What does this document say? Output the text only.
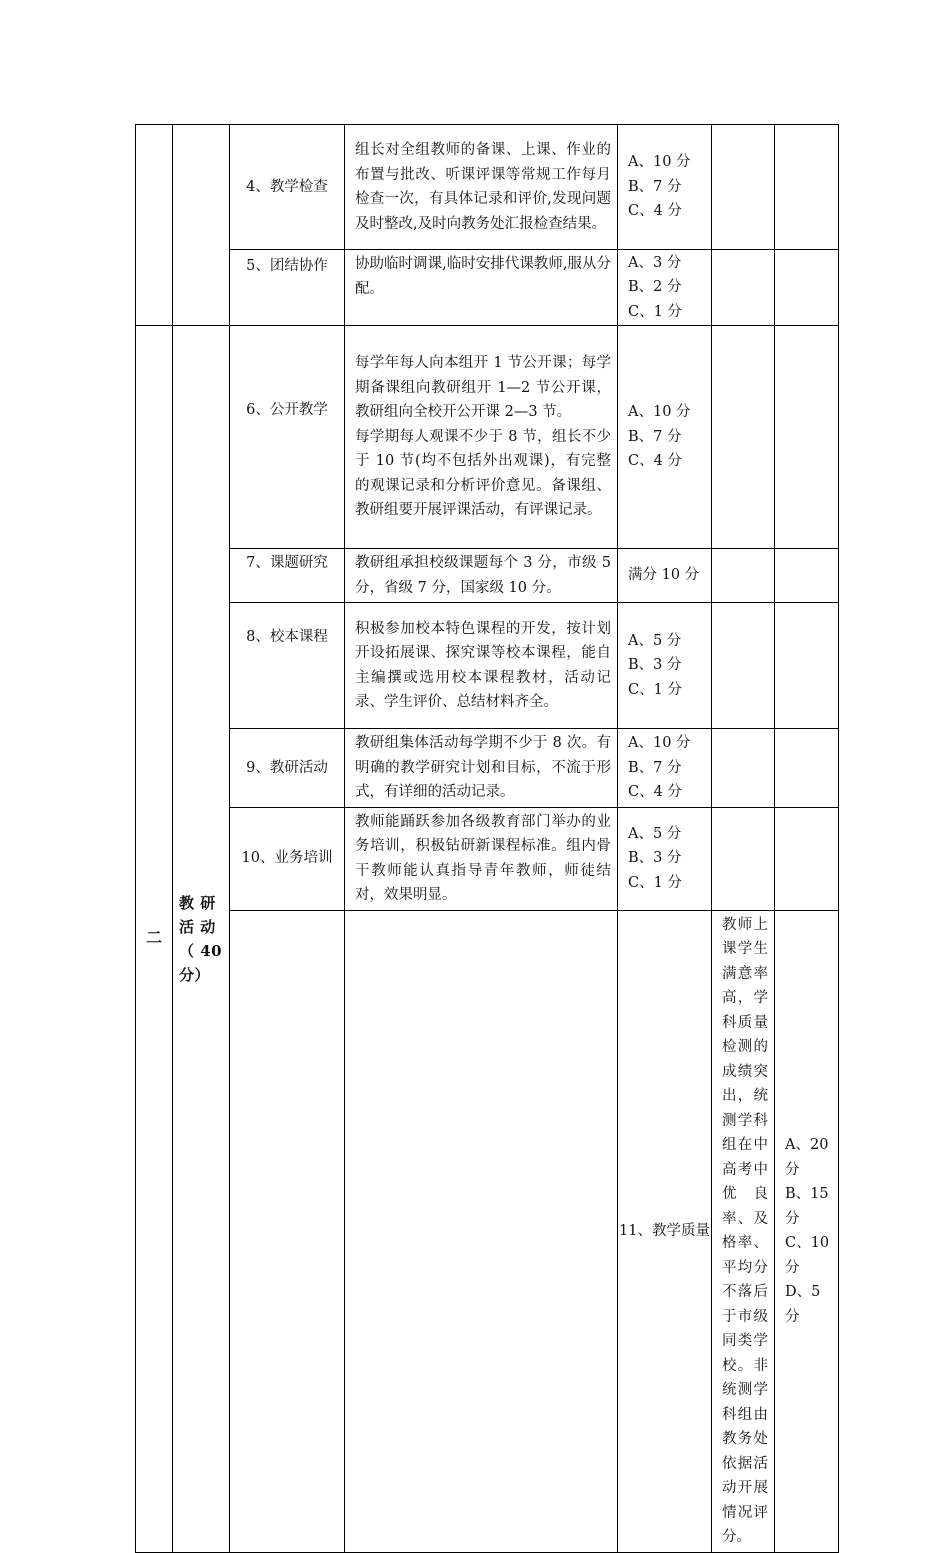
		4、教学检查	组长对全组教师的备课、上课、作业的布置与批改、听课评课等常规工作每月检查一次，有具体记录和评价,发现问题及时整改,及时向教务处汇报检查结果。	A、10 分
B、7 分
C、4 分			

		5、团结协作	协助临时调课,临时安排代课教师,服从分配。	A、3 分
B、2 分
C、1 分			

二	教 研
活 动
（ 40
分）	6、公开教学	每学年每人向本组开 1 节公开课；每学期备课组向教研组开 1—2 节公开课，教研组向全校开公开课 2—3 节。
每学期每人观课不少于 8 节，组长不少于 10 节(均不包括外出观课)，有完整的观课记录和分析评价意见。备课组、教研组要开展评课活动，有评课记录。	A、10 分
B、7 分
C、4 分			

		7、课题研究	教研组承担校级课题每个 3 分，市级 5 分，省级 7 分，国家级 10 分。	满分 10 分			

		8、校本课程	积极参加校本特色课程的开发，按计划开设拓展课、探究课等校本课程，能自主编撰或选用校本课程教材，活动记录、学生评价、总结材料齐全。	A、5 分
B、3 分
C、1 分			

		9、教研活动	教研组集体活动每学期不少于 8 次。有明确的教学研究计划和目标，不流于形式，有详细的活动记录。	A、10 分
B、7 分
C、4 分			

		10、业务培训	教师能踊跃参加各级教育部门举办的业务培训，积极钻研新课程标准。组内骨干教师能认真指导青年教师，师徒结对，效果明显。	A、5 分
B、3 分
C、1 分			

				11、教学质量	教师上课学生满意率高，学科质量检测的成绩突出，统测学科组在中高考中优良率、及格率、平均分不落后于市级同类学校。非统测学科组由教务处依据活动开展情况评分。	A、20 分
B、15 分
C、10 分
D、5 分	
